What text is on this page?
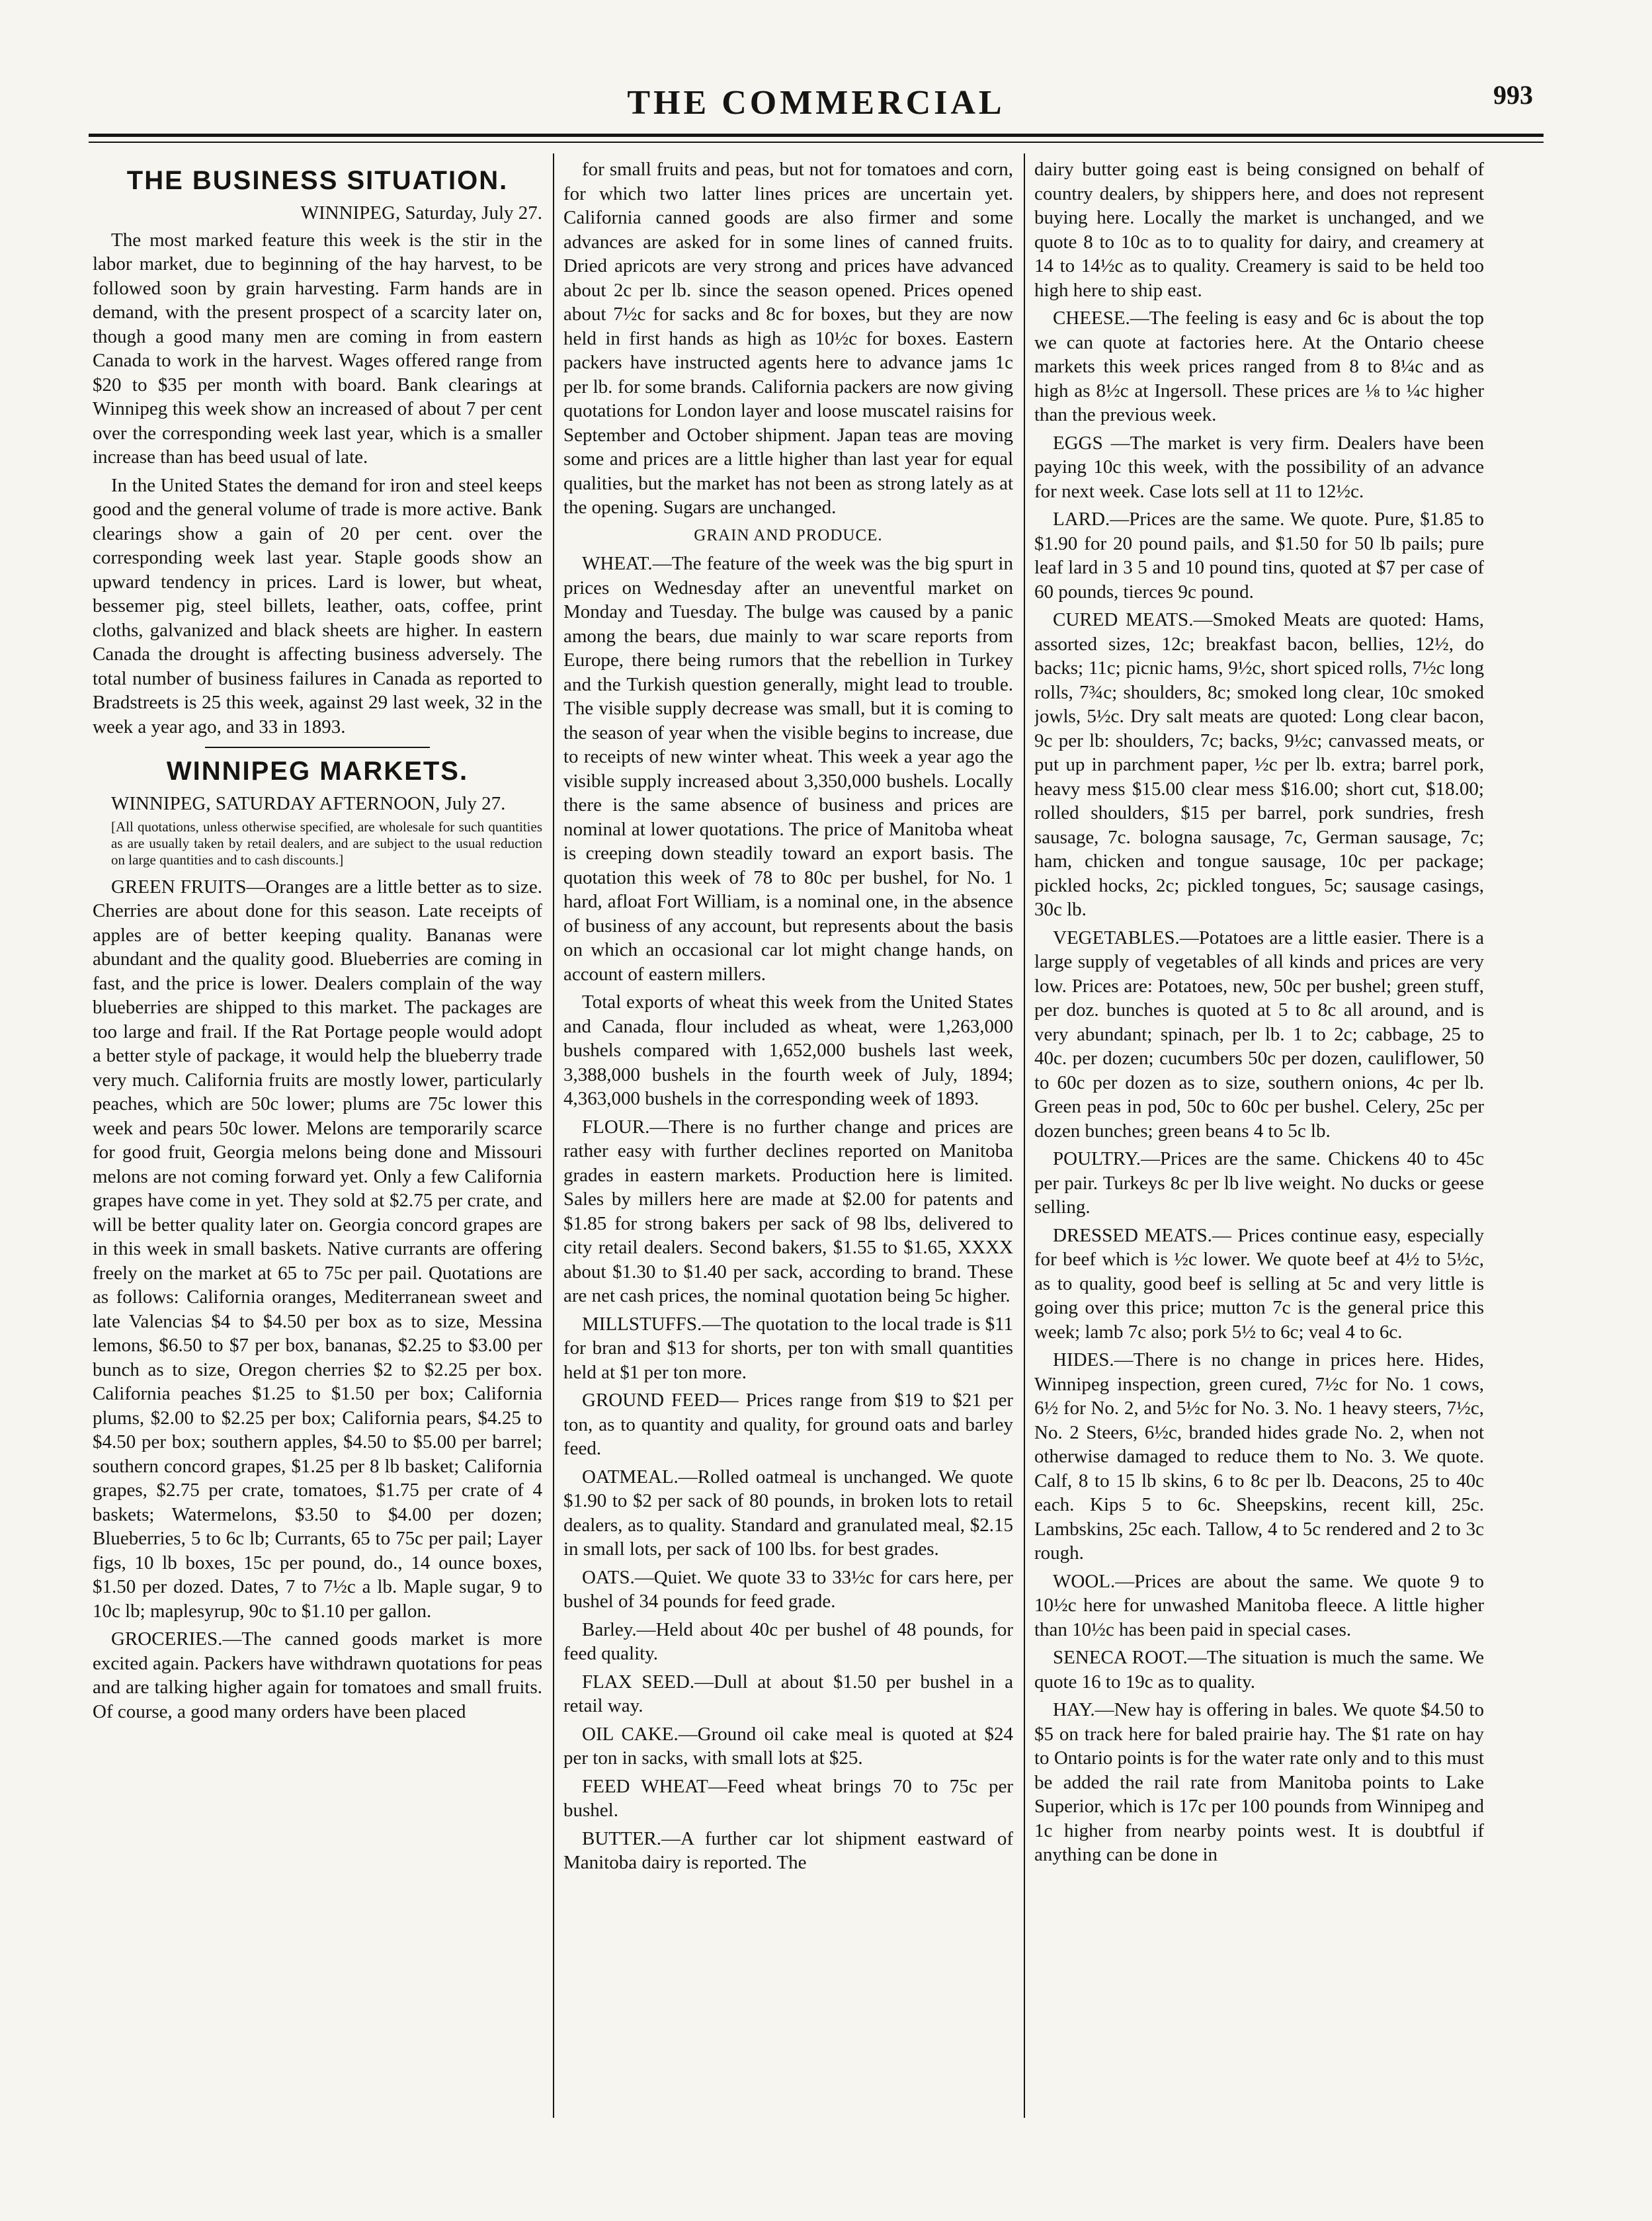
THE COMMERCIAL	993
THE BUSINESS SITUATION.
WINNIPEG, Saturday, July 27.

The most marked feature this week is the stir in the labor market, due to beginning of the hay harvest, to be followed soon by grain harvesting. Farm hands are in demand, with the present prospect of a scarcity later on, though a good many men are coming in from eastern Canada to work in the harvest. Wages offered range from $20 to $35 per month with board. Bank clearings at Winnipeg this week show an increased of about 7 per cent over the corresponding week last year, which is a smaller increase than has beed usual of late.

In the United States the demand for iron and steel keeps good and the general volume of trade is more active. Bank clearings show a gain of 20 per cent. over the corresponding week last year. Staple goods show an upward tendency in prices. Lard is lower, but wheat, bessemer pig, steel billets, leather, oats, coffee, print cloths, galvanized and black sheets are higher. In eastern Canada the drought is affecting business adversely. The total number of business failures in Canada as reported to Bradstreets is 25 this week, against 29 last week, 32 in the week a year ago, and 33 in 1893.

WINNIPEG MARKETS.
WINNIPEG, SATURDAY AFTERNOON, July 27.

[All quotations, unless otherwise specified, are wholesale for such quantities as are usually taken by retail dealers, and are subject to the usual reduction on large quantities and to cash discounts.]

GREEN FRUITS—Oranges are a little better as to size. Cherries are about done for this season. Late receipts of apples are of better keeping quality. Bananas were abundant and the quality good. Blueberries are coming in fast, and the price is lower. Dealers complain of the way blueberries are shipped to this market. The packages are too large and frail. If the Rat Portage people would adopt a better style of package, it would help the blueberry trade very much. California fruits are mostly lower, particularly peaches, which are 50c lower; plums are 75c lower this week and pears 50c lower. Melons are temporarily scarce for good fruit, Georgia melons being done and Missouri melons are not coming forward yet. Only a few California grapes have come in yet. They sold at $2.75 per crate, and will be better quality later on. Georgia concord grapes are in this week in small baskets. Native currants are offering freely on the market at 65 to 75c per pail. Quotations are as follows: California oranges, Mediterranean sweet and late Valencias $4 to $4.50 per box as to size, Messina lemons, $6.50 to $7 per box, bananas, $2.25 to $3.00 per bunch as to size, Oregon cherries $2 to $2.25 per box. California peaches $1.25 to $1.50 per box; California plums, $2.00 to $2.25 per box; California pears, $4.25 to $4.50 per box; southern apples, $4.50 to $5.00 per barrel; southern concord grapes, $1.25 per 8 lb basket; California grapes, $2.75 per crate, tomatoes, $1.75 per crate of 4 baskets; Watermelons, $3.50 to $4.00 per dozen; Blueberries, 5 to 6c lb; Currants, 65 to 75c per pail; Layer figs, 10 lb boxes, 15c per pound, do., 14 ounce boxes, $1.50 per dozed. Dates, 7 to 7½c a lb. Maple sugar, 9 to 10c lb; maplesyrup, 90c to $1.10 per gallon.

GROCERIES.—The canned goods market is more excited again. Packers have withdrawn quotations for peas and are talking higher again for tomatoes and small fruits. Of course, a good many orders have been placed

for small fruits and peas, but not for tomatoes and corn, for which two latter lines prices are uncertain yet. California canned goods are also firmer and some advances are asked for in some lines of canned fruits. Dried apricots are very strong and prices have advanced about 2c per lb. since the season opened. Prices opened about 7½c for sacks and 8c for boxes, but they are now held in first hands as high as 10½c for boxes. Eastern packers have instructed agents here to advance jams 1c per lb. for some brands. California packers are now giving quotations for London layer and loose muscatel raisins for September and October shipment. Japan teas are moving some and prices are a little higher than last year for equal qualities, but the market has not been as strong lately as at the opening. Sugars are unchanged.

GRAIN AND PRODUCE.

WHEAT.—The feature of the week was the big spurt in prices on Wednesday after an uneventful market on Monday and Tuesday. The bulge was caused by a panic among the bears, due mainly to war scare reports from Europe, there being rumors that the rebellion in Turkey and the Turkish question generally, might lead to trouble. The visible supply decrease was small, but it is coming to the season of year when the visible begins to increase, due to receipts of new winter wheat. This week a year ago the visible supply increased about 3,350,000 bushels. Locally there is the same absence of business and prices are nominal at lower quotations. The price of Manitoba wheat is creeping down steadily toward an export basis. The quotation this week of 78 to 80c per bushel, for No. 1 hard, afloat Fort William, is a nominal one, in the absence of business of any account, but represents about the basis on which an occasional car lot might change hands, on account of eastern millers.

Total exports of wheat this week from the United States and Canada, flour included as wheat, were 1,263,000 bushels compared with 1,652,000 bushels last week, 3,388,000 bushels in the fourth week of July, 1894; 4,363,000 bushels in the corresponding week of 1893.

FLOUR.—There is no further change and prices are rather easy with further declines reported on Manitoba grades in eastern markets. Production here is limited. Sales by millers here are made at $2.00 for patents and $1.85 for strong bakers per sack of 98 lbs, delivered to city retail dealers. Second bakers, $1.55 to $1.65, XXXX about $1.30 to $1.40 per sack, according to brand. These are net cash prices, the nominal quotation being 5c higher.

MILLSTUFFS.—The quotation to the local trade is $11 for bran and $13 for shorts, per ton with small quantities held at $1 per ton more.

GROUND FEED— Prices range from $19 to $21 per ton, as to quantity and quality, for ground oats and barley feed.

OATMEAL.—Rolled oatmeal is unchanged. We quote $1.90 to $2 per sack of 80 pounds, in broken lots to retail dealers, as to quality. Standard and granulated meal, $2.15 in small lots, per sack of 100 lbs. for best grades.

OATS.—Quiet. We quote 33 to 33½c for cars here, per bushel of 34 pounds for feed grade.

Barley.—Held about 40c per bushel of 48 pounds, for feed quality.

FLAX SEED.—Dull at about $1.50 per bushel in a retail way.

OIL CAKE.—Ground oil cake meal is quoted at $24 per ton in sacks, with small lots at $25.

FEED WHEAT—Feed wheat brings 70 to 75c per bushel.

BUTTER.—A further car lot shipment eastward of Manitoba dairy is reported. The

dairy butter going east is being consigned on behalf of country dealers, by shippers here, and does not represent buying here. Locally the market is unchanged, and we quote 8 to 10c as to to quality for dairy, and creamery at 14 to 14½c as to quality. Creamery is said to be held too high here to ship east.

CHEESE.—The feeling is easy and 6c is about the top we can quote at factories here. At the Ontario cheese markets this week prices ranged from 8 to 8¼c and as high as 8½c at Ingersoll. These prices are ⅛ to ¼c higher than the previous week.

EGGS —The market is very firm. Dealers have been paying 10c this week, with the possibility of an advance for next week. Case lots sell at 11 to 12½c.

LARD.—Prices are the same. We quote. Pure, $1.85 to $1.90 for 20 pound pails, and $1.50 for 50 lb pails; pure leaf lard in 3 5 and 10 pound tins, quoted at $7 per case of 60 pounds, tierces 9c pound.

CURED MEATS.—Smoked Meats are quoted: Hams, assorted sizes, 12c; breakfast bacon, bellies, 12½, do backs; 11c; picnic hams, 9½c, short spiced rolls, 7½c long rolls, 7¾c; shoulders, 8c; smoked long clear, 10c smoked jowls, 5½c. Dry salt meats are quoted: Long clear bacon, 9c per lb: shoulders, 7c; backs, 9½c; canvassed meats, or put up in parchment paper, ½c per lb. extra; barrel pork, heavy mess $15.00 clear mess $16.00; short cut, $18.00; rolled shoulders, $15 per barrel, pork sundries, fresh sausage, 7c. bologna sausage, 7c, German sausage, 7c; ham, chicken and tongue sausage, 10c per package; pickled hocks, 2c; pickled tongues, 5c; sausage casings, 30c lb.

VEGETABLES.—Potatoes are a little easier. There is a large supply of vegetables of all kinds and prices are very low. Prices are: Potatoes, new, 50c per bushel; green stuff, per doz. bunches is quoted at 5 to 8c all around, and is very abundant; spinach, per lb. 1 to 2c; cabbage, 25 to 40c. per dozen; cucumbers 50c per dozen, cauliflower, 50 to 60c per dozen as to size, southern onions, 4c per lb. Green peas in pod, 50c to 60c per bushel. Celery, 25c per dozen bunches; green beans 4 to 5c lb.

POULTRY.—Prices are the same. Chickens 40 to 45c per pair. Turkeys 8c per lb live weight. No ducks or geese selling.

DRESSED MEATS.— Prices continue easy, especially for beef which is ½c lower. We quote beef at 4½ to 5½c, as to quality, good beef is selling at 5c and very little is going over this price; mutton 7c is the general price this week; lamb 7c also; pork 5½ to 6c; veal 4 to 6c.

HIDES.—There is no change in prices here. Hides, Winnipeg inspection, green cured, 7½c for No. 1 cows, 6½ for No. 2, and 5½c for No. 3. No. 1 heavy steers, 7½c, No. 2 Steers, 6½c, branded hides grade No. 2, when not otherwise damaged to reduce them to No. 3. We quote. Calf, 8 to 15 lb skins, 6 to 8c per lb. Deacons, 25 to 40c each. Kips 5 to 6c. Sheepskins, recent kill, 25c. Lambskins, 25c each. Tallow, 4 to 5c rendered and 2 to 3c rough.

WOOL.—Prices are about the same. We quote 9 to 10½c here for unwashed Manitoba fleece. A little higher than 10½c has been paid in special cases.

SENECA ROOT.—The situation is much the same. We quote 16 to 19c as to quality.

HAY.—New hay is offering in bales. We quote $4.50 to $5 on track here for baled prairie hay. The $1 rate on hay to Ontario points is for the water rate only and to this must be added the rail rate from Manitoba points to Lake Superior, which is 17c per 100 pounds from Winnipeg and 1c higher from nearby points west. It is doubtful if anything can be done in
